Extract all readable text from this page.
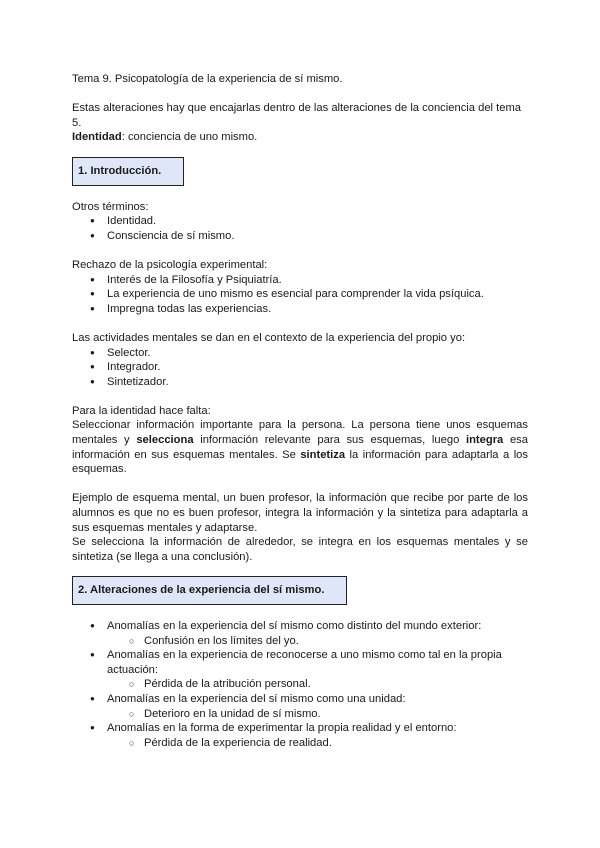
Tema 9. Psicopatología de la experiencia de sí mismo.

Estas alteraciones hay que encajarlas dentro de las alteraciones de la conciencia del tema 5.

Identidad: conciencia de uno mismo.

1. Introducción.

Otros términos:

● Identidad.
● Consciencia de sí mismo.

Rechazo de la psicología experimental:

● Interés de la Filosofía y Psiquiatría.
● La experiencia de uno mismo es esencial para comprender la vida psíquica.
● Impregna todas las experiencias.

Las actividades mentales se dan en el contexto de la experiencia del propio yo:

● Selector.
● Integrador.
● Sintetizador.

Para la identidad hace falta:

Seleccionar información importante para la persona. La persona tiene unos esquemas mentales y selecciona información relevante para sus esquemas, luego integra esa información en sus esquemas mentales. Se sintetiza la información para adaptarla a los esquemas.

Ejemplo de esquema mental, un buen profesor, la información que recibe por parte de los alumnos es que no es buen profesor, integra la información y la sintetiza para adaptarla a sus esquemas mentales y adaptarse.

Se selecciona la información de alrededor, se integra en los esquemas mentales y se sintetiza (se llega a una conclusión).

2. Alteraciones de la experiencia del sí mismo.
● Anomalías en la experiencia del sí mismo como distinto del mundo exterior:
○ Confusión en los límites del yo.
● Anomalías en la experiencia de reconocerse a uno mismo como tal en la propia actuación:
○ Pérdida de la atribución personal.
● Anomalías en la experiencia del sí mismo como una unidad:
○ Deterioro en la unidad de sí mismo.
● Anomalías en la forma de experimentar la propia realidad y el entorno:
○ Pérdida de la experiencia de realidad.
